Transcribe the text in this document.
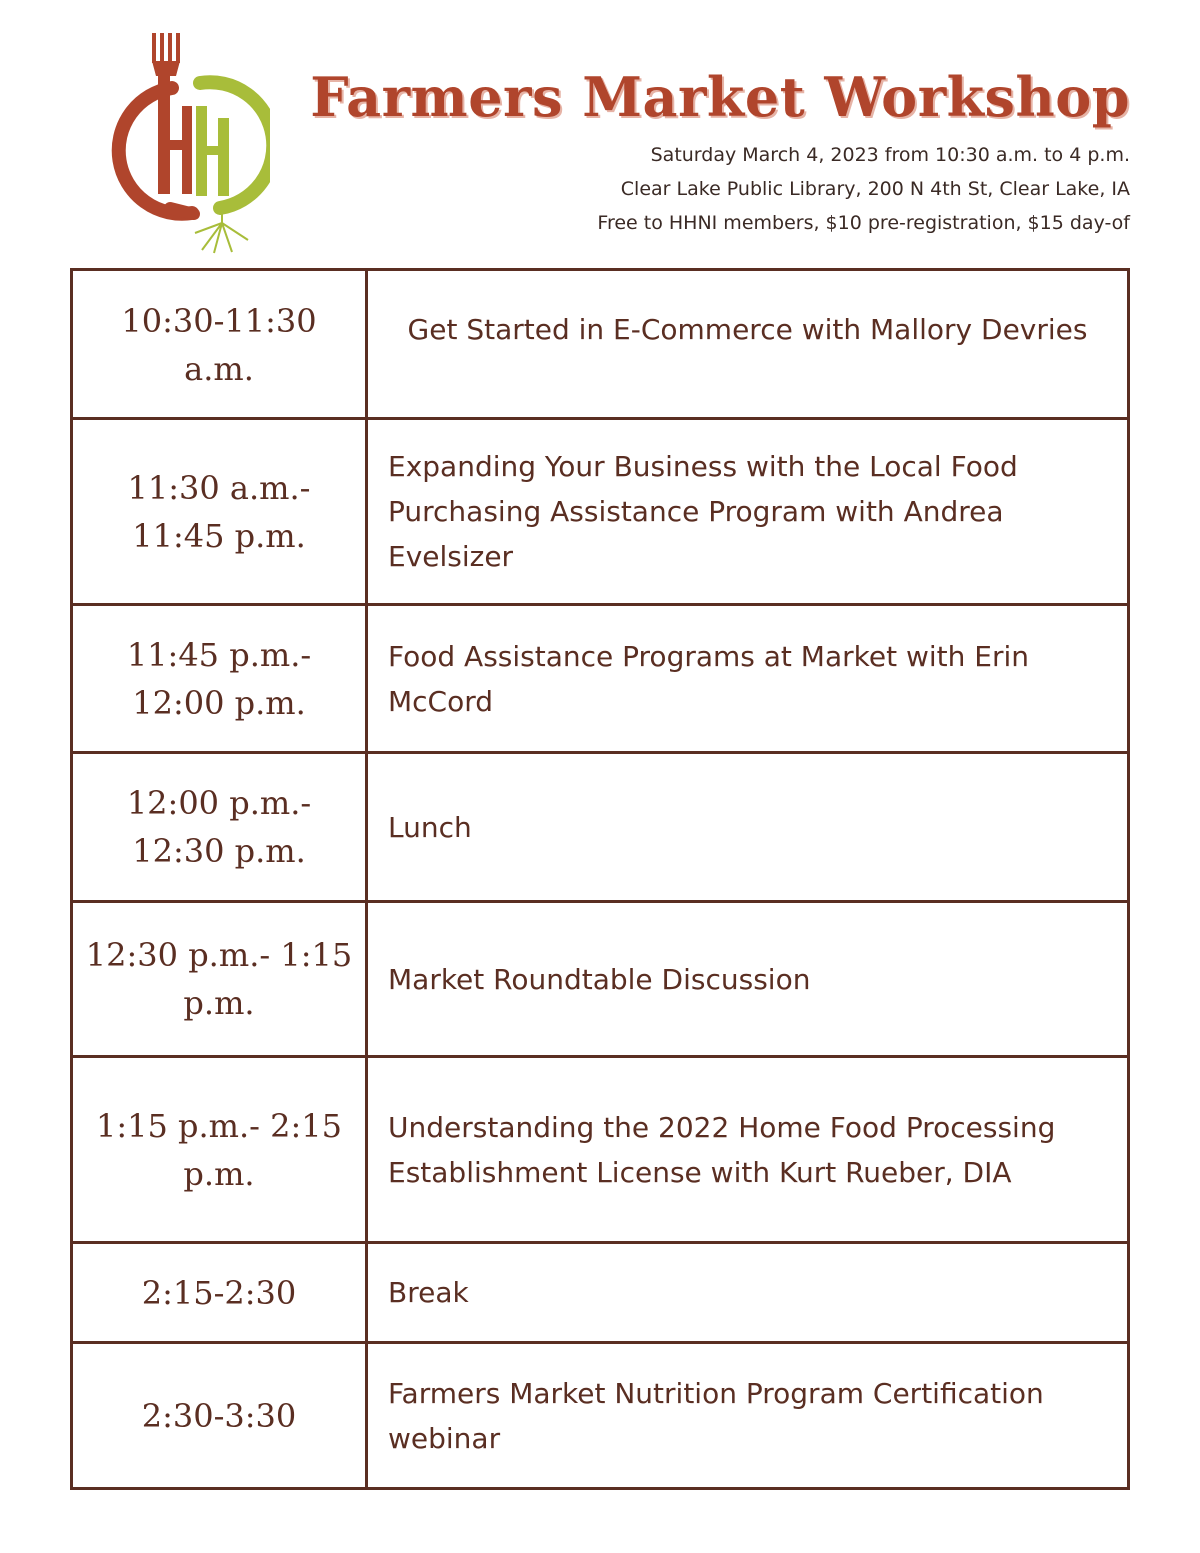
Farmers Market Workshop
Saturday March 4, 2023 from 10:30 a.m. to 4 p.m.
Clear Lake Public Library, 200 N 4th St, Clear Lake, IA
Free to HHNI members, $10 pre-registration, $15 day-of
10:30-11:30 a.m.	Get Started in E-Commerce with Mallory Devries
11:30 a.m.- 11:45 p.m.	Expanding Your Business with the Local Food Purchasing Assistance Program with Andrea Evelsizer
11:45 p.m.- 12:00 p.m.	Food Assistance Programs at Market with Erin McCord
12:00 p.m.- 12:30 p.m.	Lunch
12:30 p.m.- 1:15 p.m.	Market Roundtable Discussion
1:15 p.m.- 2:15 p.m.	Understanding the 2022 Home Food Processing Establishment License with Kurt Rueber, DIA
2:15-2:30	Break
2:30-3:30	Farmers Market Nutrition Program Certification webinar
